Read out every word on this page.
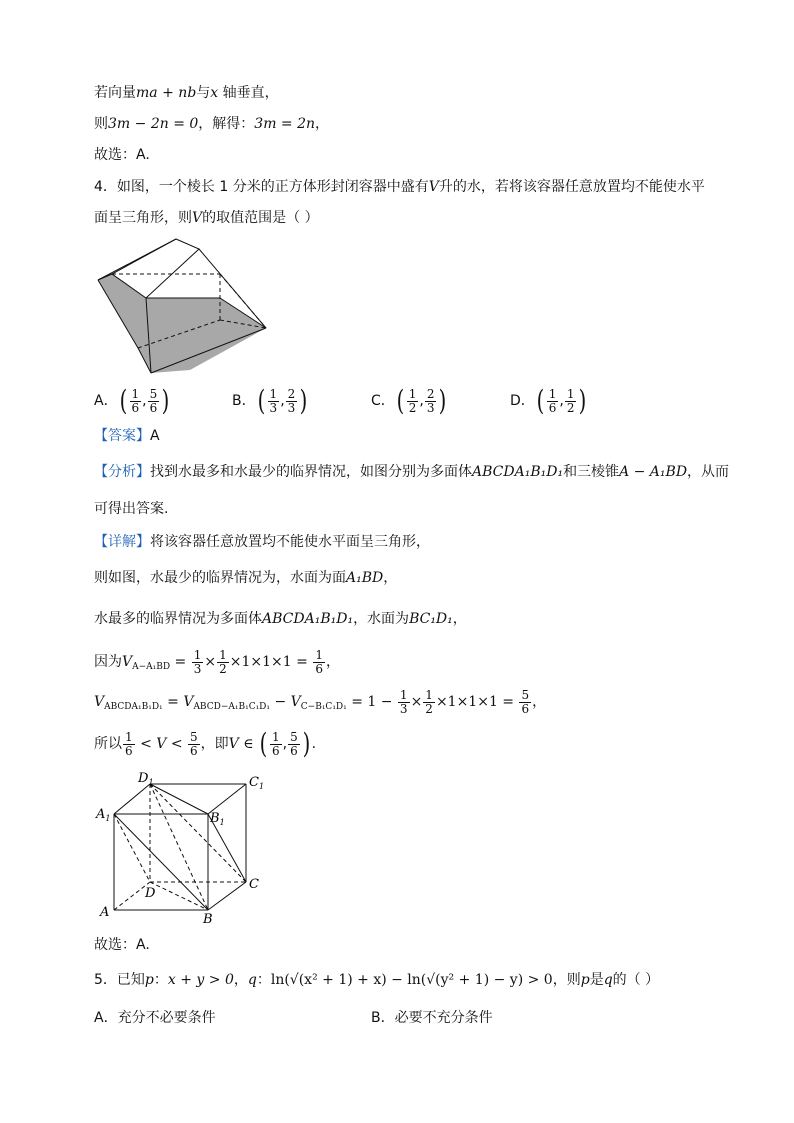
若向量ma + nb与x 轴垂直，
则3m − 2n = 0，解得：3m = 2n，
故选：A.
4．如图，一个棱长 1 分米的正方体形封闭容器中盛有V升的水，若将该容器任意放置均不能使水平
面呈三角形，则V的取值范围是（ ）
A．( $\frac{1}{6}$ , $\frac{5}{6}$ )	B．( $\frac{1}{3}$ , $\frac{2}{3}$ )	C．( $\frac{1}{2}$ , $\frac{2}{3}$ )	D．( $\frac{1}{6}$ , $\frac{1}{2}$ )
【答案】A
【分析】找到水最多和水最少的临界情况，如图分别为多面体ABCDA₁B₁D₁和三棱锥A − A₁BD，从而
可得出答案.
【详解】将该容器任意放置均不能使水平面呈三角形，
则如图，水最少的临界情况为，水面为面A₁BD，
水最多的临界情况为多面体ABCDA₁B₁D₁，水面为BC₁D₁，
因为$V_{A-A_1BD} = \frac{1}{3} \times \frac{1}{2} \times 1\times 1\times 1 = \frac{1}{6}$ ，
$V_{ABCDA_1B_1D_1} = V_{ABCD-A_1B_1C_1D_1} - V_{C-B_1C_1D_1} = 1 - \frac{1}{3} \times \frac{1}{2} \times 1\times 1\times 1 = \frac{5}{6}$ ，
所以 $\frac{1}{6} < V < \frac{5}{6}$ ，即V ∈ ( $\frac{1}{6}$ , $\frac{5}{6}$ ) .
$D_1$	$C_1$
$A_1$	$B_1$
D
C
A	B
故选：A.
5．已知p：x + y > 0，q：ln(√(x² + 1) + x) − ln(√(y² + 1) − y) > 0，则p是q的（ ）
A．充分不必要条件	B．必要不充分条件
